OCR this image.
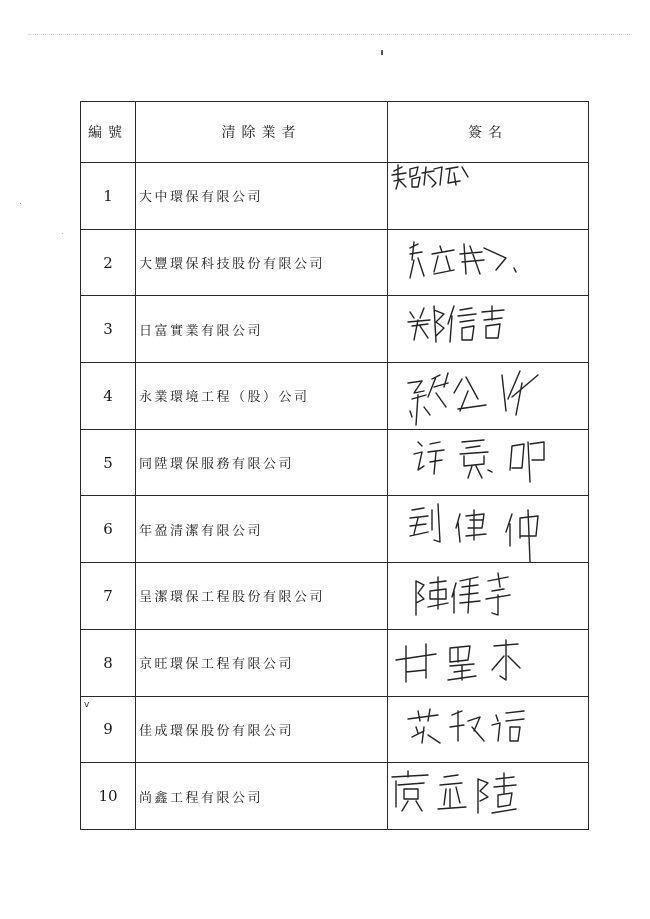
v
編號	清除業者	簽名
1	大中環保有限公司	

2	大豐環保科技股份有限公司	

3	日富實業有限公司	

4	永業環境工程（股）公司	

5	同陞環保服務有限公司	

6	年盈清潔有限公司	

7	呈潔環保工程股份有限公司	

8	京旺環保工程有限公司	

9	佳成環保股份有限公司	

10	尚鑫工程有限公司	
